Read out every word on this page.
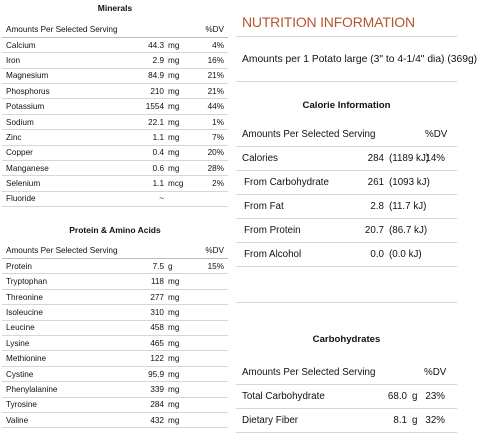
Minerals
Amounts Per Selected Serving			%DV
Calcium	44.3	mg	4%
Iron	2.9	mg	16%
Magnesium	84.9	mg	21%
Phosphorus	210	mg	21%
Potassium	1554	mg	44%
Sodium	22.1	mg	1%
Zinc	1.1	mg	7%
Copper	0.4	mg	20%
Manganese	0.6	mg	28%
Selenium	1.1	mcg	2%
Fluoride	~		
Protein & Amino Acids
Amounts Per Selected Serving			%DV
Protein	7.5	g	15%
Tryptophan	118	mg	
Threonine	277	mg	
Isoleucine	310	mg	
Leucine	458	mg	
Lysine	465	mg	
Methionine	122	mg	
Cystine	95.9	mg	
Phenylalanine	339	mg	
Tyrosine	284	mg	
Valine	432	mg	
NUTRITION INFORMATION
Amounts per 1 Potato large (3" to 4-1/4" dia) (369g)
Calorie Information
Amounts Per Selected Serving			%DV
Calories	284	(1189 kJ)	14%
From Carbohydrate	261	(1093 kJ)	
From Fat	2.8	(11.7 kJ)	
From Protein	20.7	(86.7 kJ)	
From Alcohol	0.0	(0.0 kJ)	
Carbohydrates
Amounts Per Selected Serving			%DV
Total Carbohydrate	68.0	g	23%
Dietary Fiber	8.1	g	32%
